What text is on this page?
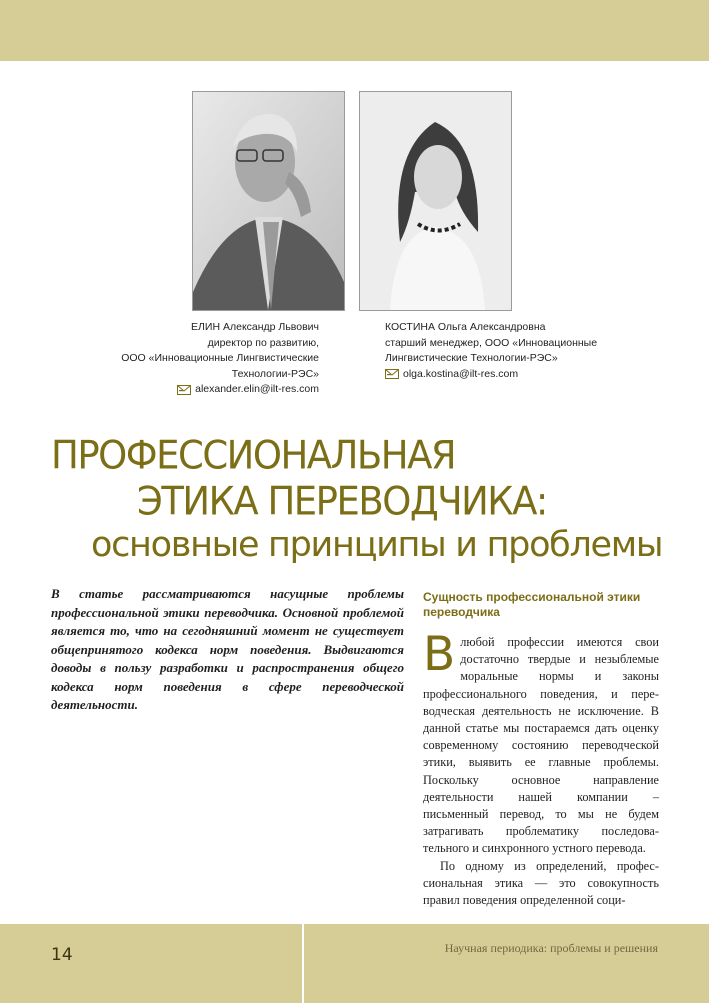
ЕЛИН Александр Львович
директор по развитию,
ООО «Инновационные Лингвистические
Технологии-РЭС»
alexander.elin@ilt-res.com
КОСТИНА Ольга Александровна
старший менеджер, ООО «Инновационные
Лингвистические Технологии-РЭС»
olga.kostina@ilt-res.com
ПРОФЕССИОНАЛЬНАЯ
ЭТИКА ПЕРЕВОДЧИКА:
основные принципы и проблемы
В статье рассматриваются насущные проблемы профессиональной этики переводчика. Основной проблемой является то, что на сегодняшний момент не существует общепринятого кодекса норм поведения. Выдвигаются доводы в пользу разработки и распространения общего кодекса норм поведения в сфере переводческой деятельности.
Сущность профессиональной этики переводчика
В любой профессии имеются свои достаточно твердые и незыблемые моральные нормы и законы профессионального поведения, и переводческая деятельность не исключение. В данной статье мы постараемся дать оценку современному состоянию переводческой этики, выявить ее главные проблемы. Поскольку основное направление деятельности нашей компании – письменный перевод, то мы не будем затрагивать проблематику последовательного и синхронного устного перевода.

По одному из определений, профессиональная этика — это совокупность правил поведения определенной соци-

14	Научная периодика: проблемы и решения
